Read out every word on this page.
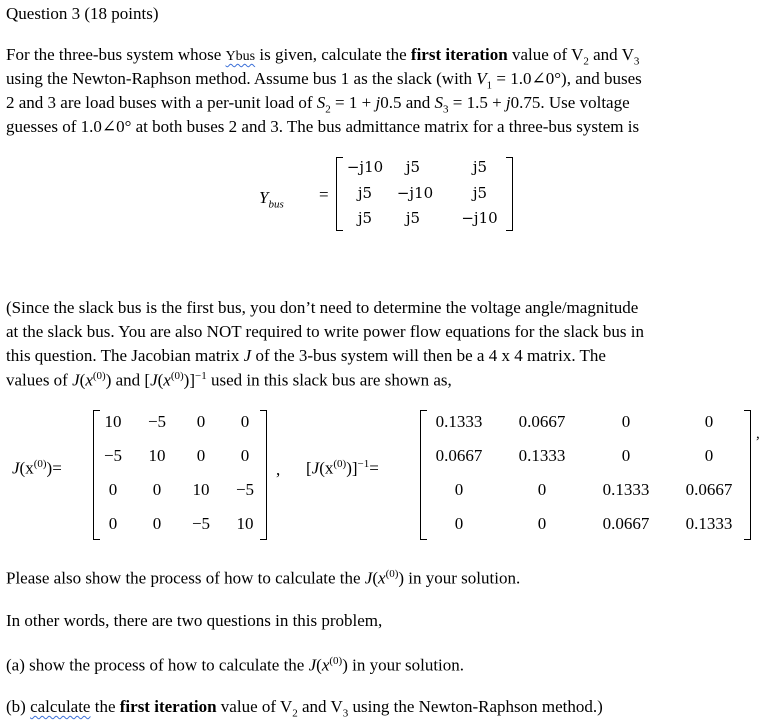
Question 3 (18 points)
For the three-bus system whose Ybus is given, calculate the first iteration value of $V_2$ and $V_3$
using the Newton-Raphson method. Assume bus 1 as the slack (with $V_1$ = 1.0∠0°), and buses
2 and 3 are load buses with a per-unit load of $S_2 = 1 + j0.5$ and $S_3 = 1.5 + j0.75$. Use voltage
guesses of 1.0∠0° at both buses 2 and 3. The bus admittance matrix for a three-bus system is
$Y_{bus}$
=
−j10	j5	j5
j5	−j10	j5
j5	j5	−j10
(Since the slack bus is the first bus, you don’t need to determine the voltage angle/magnitude
at the slack bus. You are also NOT required to write power flow equations for the slack bus in
this question. The Jacobian matrix J of the 3-bus system will then be a 4 x 4 matrix. The
values of $J(x^{(0)})$ and $[J(x^{(0)})]^{-1}$ used in this slack bus are shown as,
$J(x^{(0)})=$
10	−5	0	0
−5	10	0	0
0	0	10	−5
0	0	−5	10
, $[J(x^{(0)})]^{-1}=$
0.1333	0.0667	0	0
0.0667	0.1333	0	0
0	0	0.1333	0.0667
0	0	0.0667	0.1333
,
Please also show the process of how to calculate the $J(x^{(0)})$ in your solution.
In other words, there are two questions in this problem,
(a) show the process of how to calculate the $J(x^{(0)})$ in your solution.
(b) calculate the first iteration value of $V_2$ and $V_3$ using the Newton-Raphson method.)
